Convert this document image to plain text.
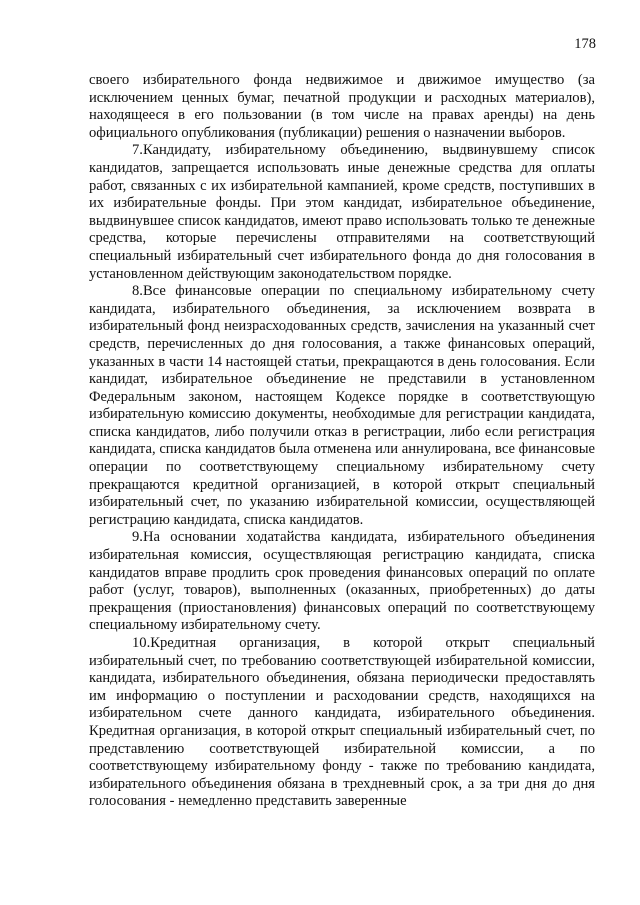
178

своего избирательного фонда недвижимое и движимое имущество (за исключением ценных бумаг, печатной продукции и расходных материалов), находящееся в его пользовании (в том числе на правах аренды) на день официального опубликования (публикации) решения о назначении выборов.

7.Кандидату, избирательному объединению, выдвинувшему список кандидатов, запрещается использовать иные денежные средства для оплаты работ, связанных с их избирательной кампанией, кроме средств, поступивших в их избирательные фонды. При этом кандидат, избирательное объединение, выдвинувшее список кандидатов, имеют право использовать только те денежные средства, которые перечислены отправителями на соответствующий специальный избирательный счет избирательного фонда до дня голосования в установленном действующим законодательством порядке.

8.Все финансовые операции по специальному избирательному счету кандидата, избирательного объединения, за исключением возврата в избирательный фонд неизрасходованных средств, зачисления на указанный счет средств, перечисленных до дня голосования, а также финансовых операций, указанных в части 14 настоящей статьи, прекращаются в день голосования. Если кандидат, избирательное объединение не представили в установленном Федеральным законом, настоящем Кодексе порядке в соответствующую избирательную комиссию документы, необходимые для регистрации кандидата, списка кандидатов, либо получили отказ в регистрации, либо если регистрация кандидата, списка кандидатов была отменена или аннулирована, все финансовые операции по соответствующему специальному избирательному счету прекращаются кредитной организацией, в которой открыт специальный избирательный счет, по указанию избирательной комиссии, осуществляющей регистрацию кандидата, списка кандидатов.

9.На основании ходатайства кандидата, избирательного объединения избирательная комиссия, осуществляющая регистрацию кандидата, списка кандидатов вправе продлить срок проведения финансовых операций по оплате работ (услуг, товаров), выполненных (оказанных, приобретенных) до даты прекращения (приостановления) финансовых операций по соответствующему специальному избирательному счету.

10.Кредитная организация, в которой открыт специальный избирательный счет, по требованию соответствующей избирательной комиссии, кандидата, избирательного объединения, обязана периодически предоставлять им информацию о поступлении и расходовании средств, находящихся на избирательном счете данного кандидата, избирательного объединения. Кредитная организация, в которой открыт специальный избирательный счет, по представлению соответствующей избирательной комиссии, а по соответствующему избирательному фонду - также по требованию кандидата, избирательного объединения обязана в трехдневный срок, а за три дня до дня голосования - немедленно представить заверенные
